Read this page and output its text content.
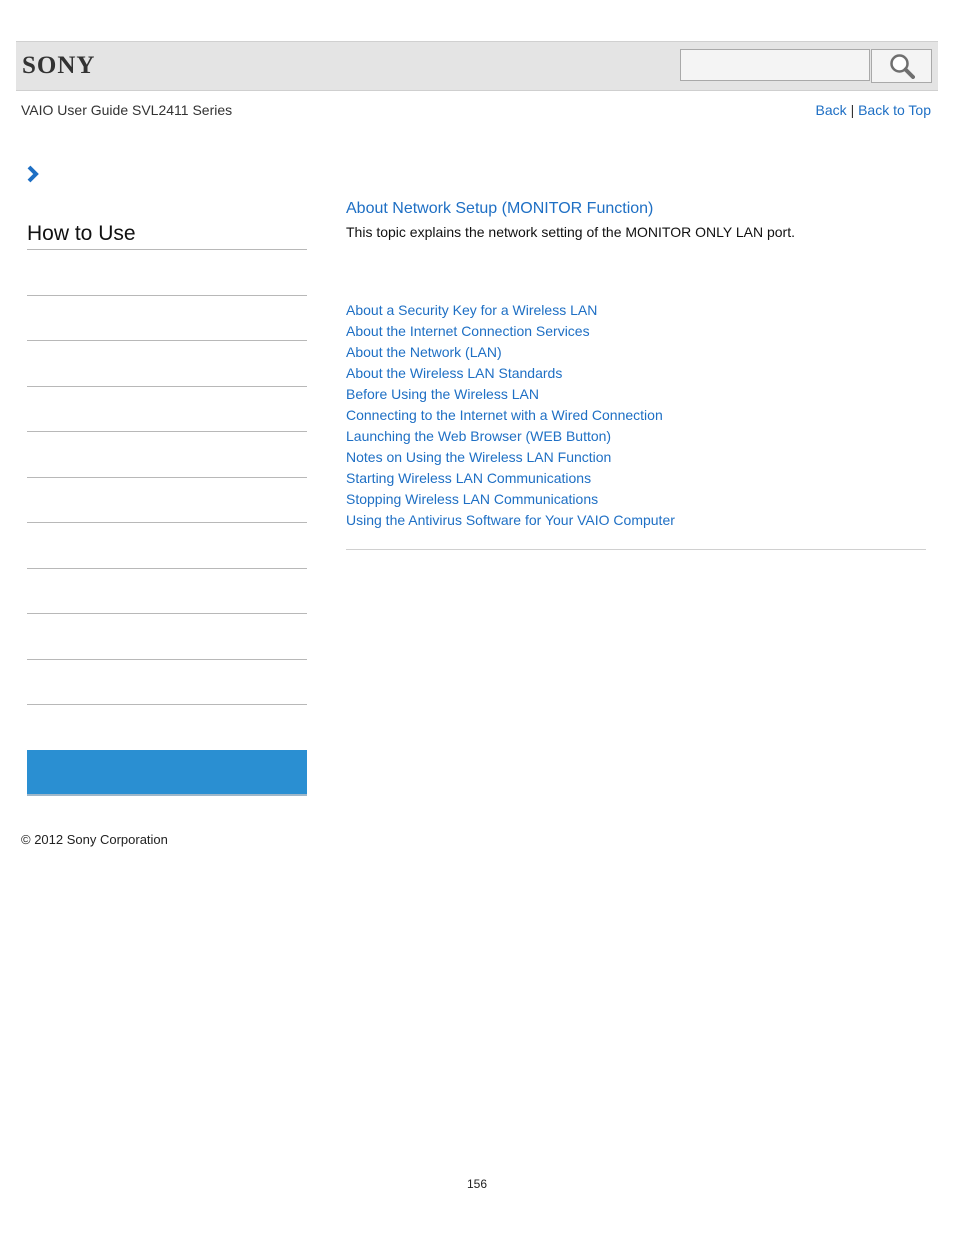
SONY
VAIO User Guide SVL2411 Series	Back | Back to Top
How to Use
© 2012 Sony Corporation
About Network Setup (MONITOR Function)
This topic explains the network setting of the MONITOR ONLY LAN port.
About a Security Key for a Wireless LAN
About the Internet Connection Services
About the Network (LAN)
About the Wireless LAN Standards
Before Using the Wireless LAN
Connecting to the Internet with a Wired Connection
Launching the Web Browser (WEB Button)
Notes on Using the Wireless LAN Function
Starting Wireless LAN Communications
Stopping Wireless LAN Communications
Using the Antivirus Software for Your VAIO Computer
156
